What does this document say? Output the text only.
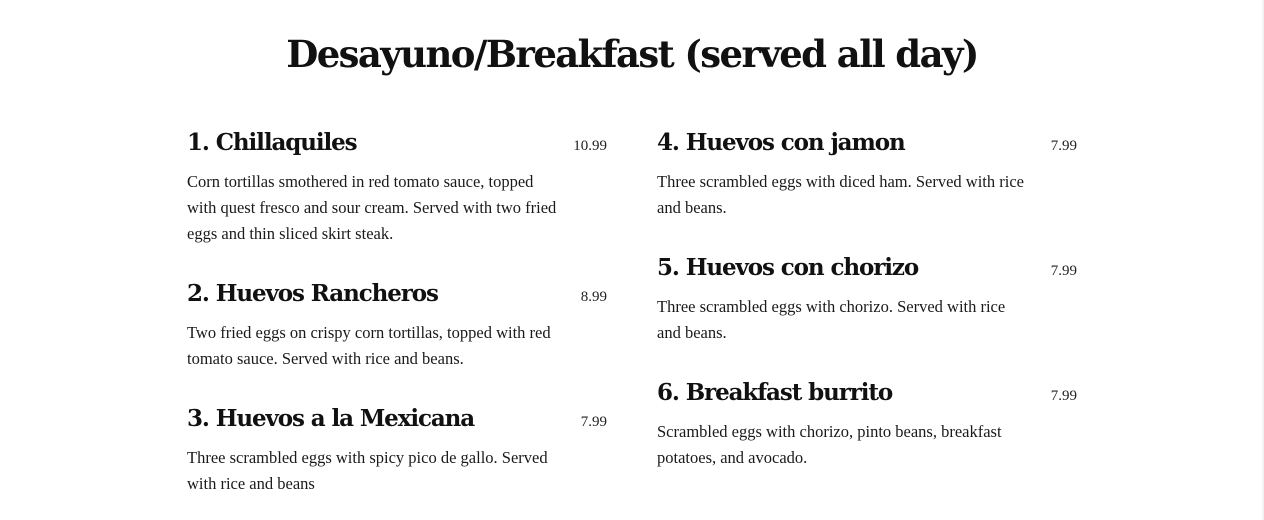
Desayuno/Breakfast (served all day)
1. Chillaquiles	10.99

Corn tortillas smothered in red tomato sauce, topped with quest fresco and sour cream. Served with two fried eggs and thin sliced skirt steak.

2. Huevos Rancheros	8.99

Two fried eggs on crispy corn tortillas, topped with red tomato sauce. Served with rice and beans.

3. Huevos a la Mexicana	7.99

Three scrambled eggs with spicy pico de gallo. Served with rice and beans

4. Huevos con jamon	7.99

Three scrambled eggs with diced ham. Served with rice and beans.

5. Huevos con chorizo	7.99

Three scrambled eggs with chorizo. Served with rice and beans.

6. Breakfast burrito	7.99

Scrambled eggs with chorizo, pinto beans, breakfast potatoes, and avocado.
